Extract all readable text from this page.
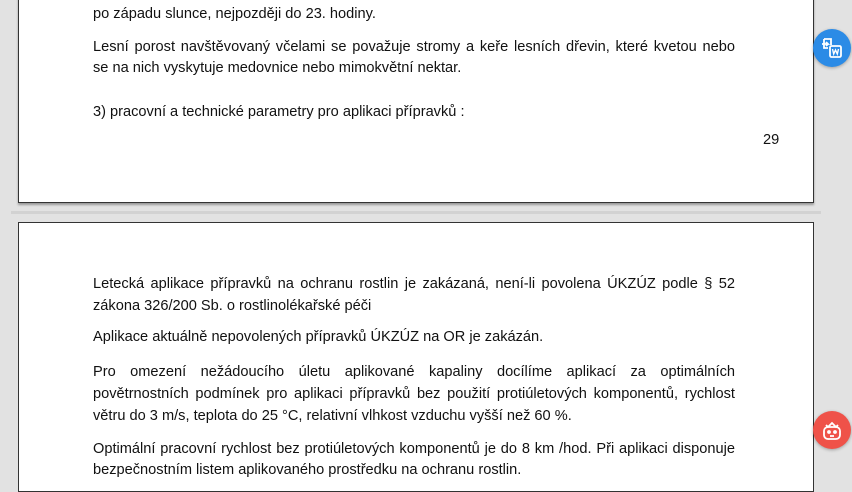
po západu slunce, nejpozději do 23. hodiny.
Lesní porost navštěvovaný včelami se považuje stromy a keře lesních dřevin, které kvetou nebo
se na nich vyskytuje medovnice nebo mimokvětní nektar.
3) pracovní a technické parametry pro aplikaci přípravků :
29
Letecká aplikace přípravků na ochranu rostlin je zakázaná, není-li povolena ÚKZÚZ podle § 52
zákona 326/200 Sb. o rostlinolékařské péči
Aplikace aktuálně nepovolených přípravků ÚKZÚZ na OR je zakázán.
Pro omezení nežádoucího úletu aplikované kapaliny docílíme aplikací za optimálních
povětrnostních podmínek pro aplikaci přípravků bez použití protiúletových komponentů, rychlost
větru do 3 m/s, teplota do 25 °C, relativní vlhkost vzduchu vyšší než 60 %.
Optimální pracovní rychlost bez protiúletových komponentů je do 8 km /hod. Při aplikaci disponuje
bezpečnostním listem aplikovaného prostředku na ochranu rostlin.
